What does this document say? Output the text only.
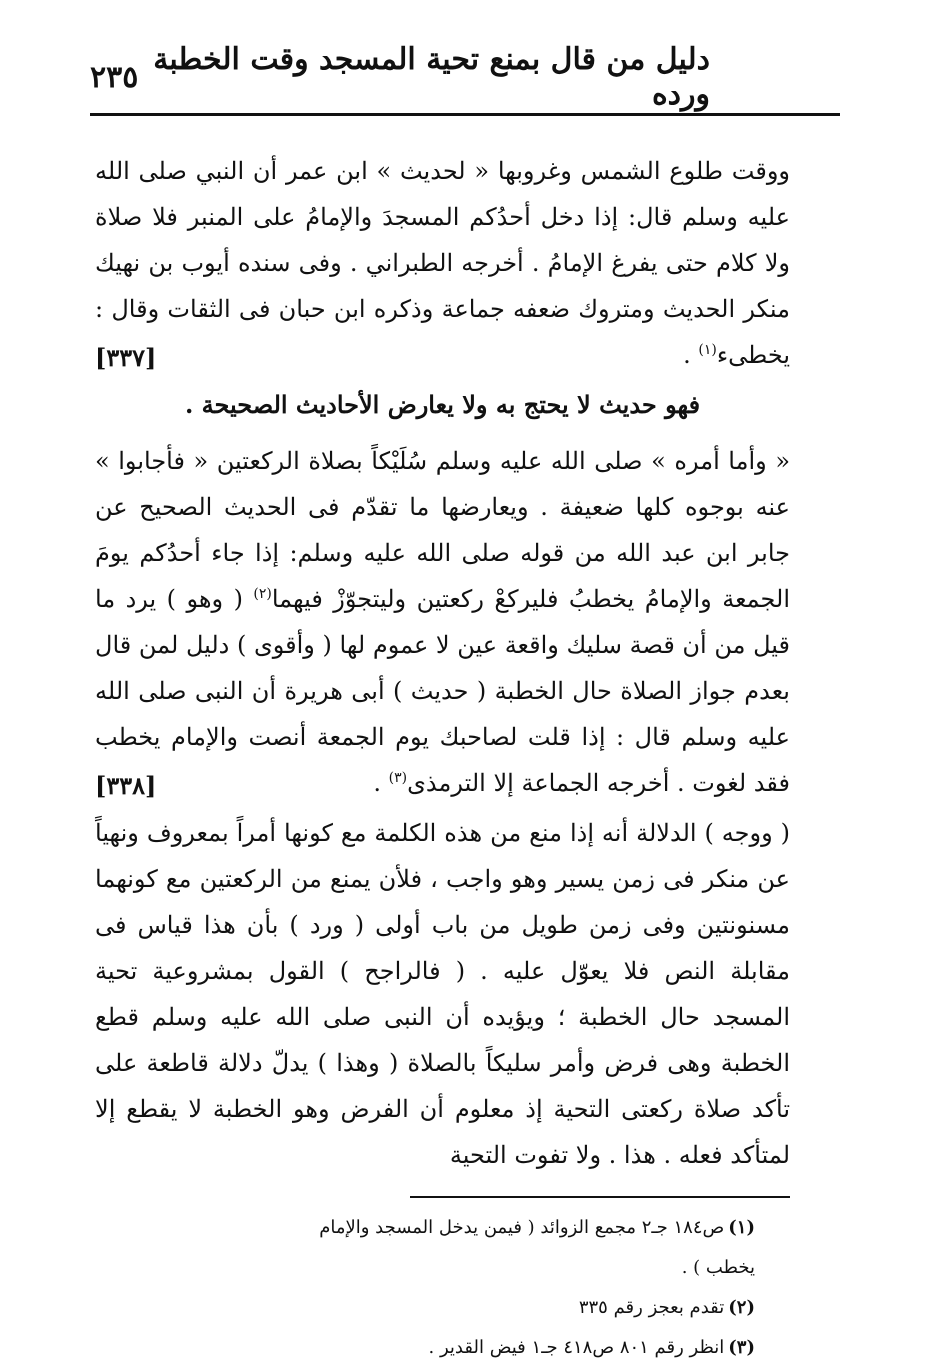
دليل من قال بمنع تحية المسجد وقت الخطبة ورده
٢٣٥

ووقت طلوع الشمس وغروبها « لحديث » ابن عمر أن النبي صلى الله عليه وسلم قال: إذا دخل أحدُكم المسجدَ والإمامُ على المنبر فلا صلاة ولا كلام حتى يفرغ الإمامُ . أخرجه الطبراني . وفى سنده أيوب بن نهيك منكر الحديث ومتروك ضعفه جماعة وذكره ابن حبان فى الثقات وقال : يخطىء$^{(١)}$ .
[٣٣٧]

فهو حديث لا يحتج به ولا يعارض الأحاديث الصحيحة .

« وأما أمره » صلى الله عليه وسلم سُلَيْكاً بصلاة الركعتين « فأجابوا » عنه بوجوه كلها ضعيفة . ويعارضها ما تقدّم فى الحديث الصحيح عن جابر ابن عبد الله من قوله صلى الله عليه وسلم: إذا جاء أحدُكم يومَ الجمعة والإمامُ يخطبُ فليركعْ ركعتين وليتجوّزْ فيهما$^{(٢)}$ ( وهو ) يرد ما قيل من أن قصة سليك واقعة عين لا عموم لها ( وأقوى ) دليل لمن قال بعدم جواز الصلاة حال الخطبة ( حديث ) أبى هريرة أن النبى صلى الله عليه وسلم قال : إذا قلت لصاحبك يوم الجمعة أنصت والإمام يخطب فقد لغوت . أخرجه الجماعة إلا الترمذى$^{(٣)}$ .
[٣٣٨]

( ووجه ) الدلالة أنه إذا منع من هذه الكلمة مع كونها أمراً بمعروف ونهياً عن منكر فى زمن يسير وهو واجب ، فلأن يمنع من الركعتين مع كونهما مسنونتين وفى زمن طويل من باب أولى ( ورد ) بأن هذا قياس فى مقابلة النص فلا يعوّل عليه . ( فالراجح ) القول بمشروعية تحية المسجد حال الخطبة ؛ ويؤيده أن النبى صلى الله عليه وسلم قطع الخطبة وهى فرض وأمر سليكاً بالصلاة ( وهذا ) يدلّ دلالة قاطعة على تأكد صلاة ركعتى التحية إذ معلوم أن الفرض وهو الخطبة لا يقطع إلا لمتأكد فعله . هذا . ولا تفوت التحية

(١)ص١٨٤ جـ٢ مجمع الزوائد ( فيمن يدخل المسجد والإمام يخطب ) .

(٢)تقدم بعجز رقم ٣٣٥

(٣)انظر رقم ٨٠١ ص٤١٨ جـ١ فيض القدير .
